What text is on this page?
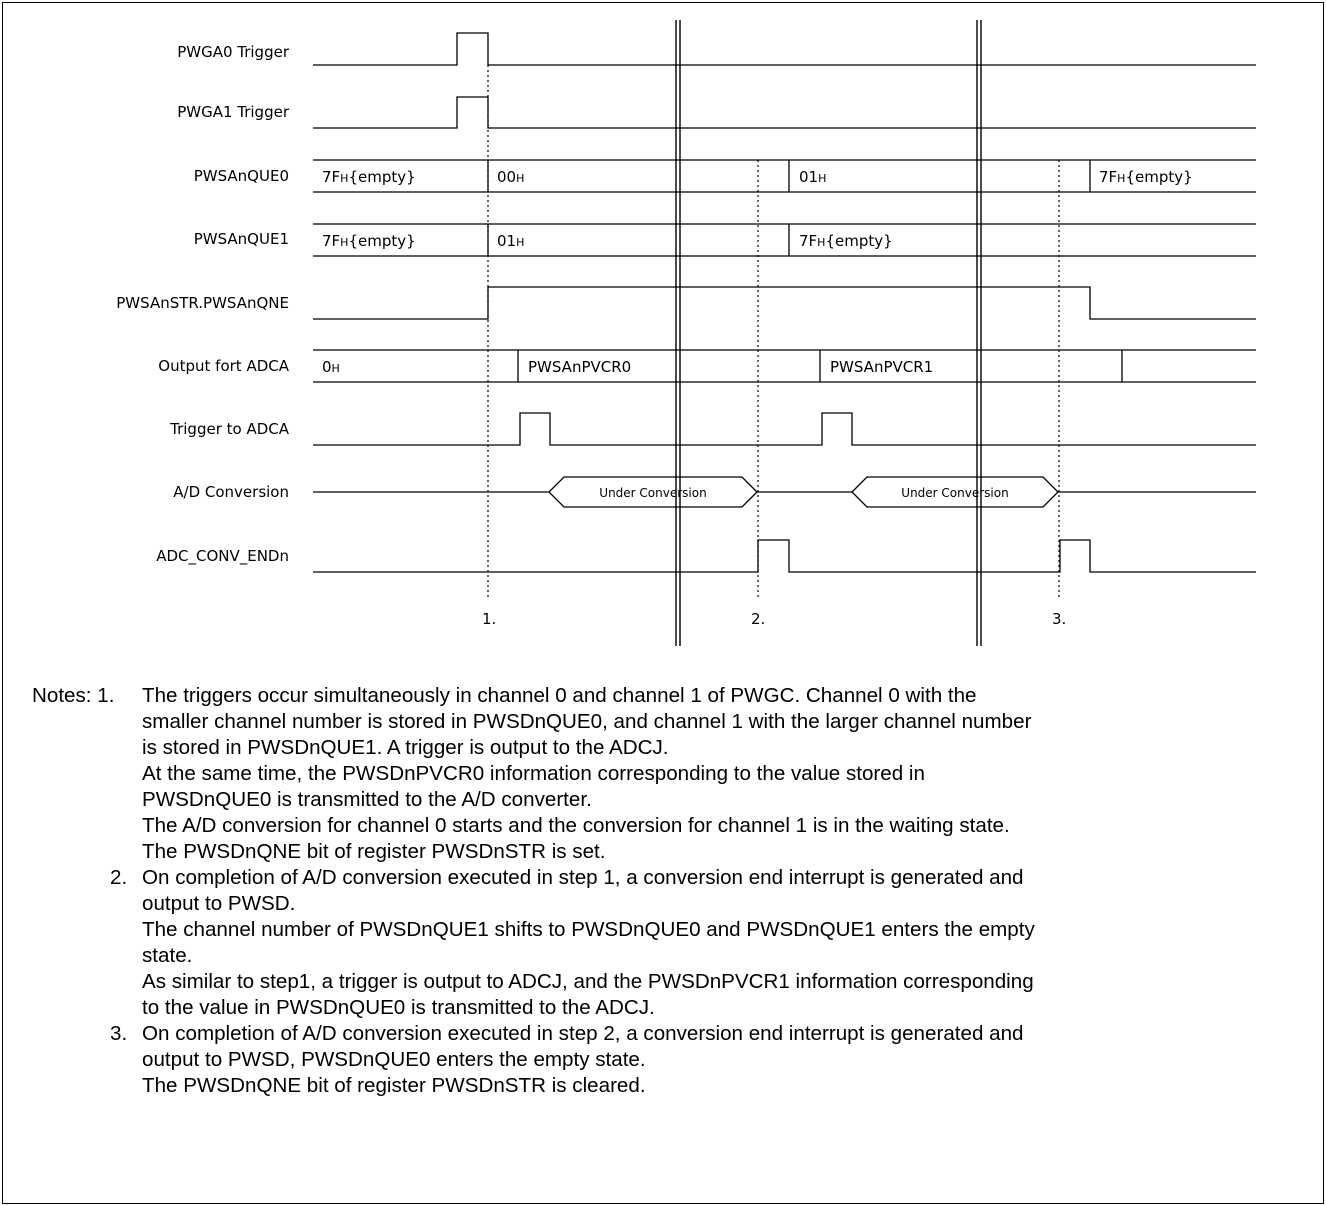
PWGA0 Trigger
PWGA1 Trigger
PWSAnQUE0
PWSAnQUE1
PWSAnSTR.PWSAnQNE
Output fort ADCA
Trigger to ADCA
A/D Conversion
ADC_CONV_ENDn
7FH{empty}	00H	01H	7FH{empty}
7FH{empty}	01H	7FH{empty}
0H	PWSAnPVCR0	PWSAnPVCR1
Under Conversion	Under Conversion
1.	2.	3.
Notes: 1.	The triggers occur simultaneously in channel 0 and channel 1 of PWGC. Channel 0 with the
smaller channel number is stored in PWSDnQUE0, and channel 1 with the larger channel number
is stored in PWSDnQUE1. A trigger is output to the ADCJ.
At the same time, the PWSDnPVCR0 information corresponding to the value stored in
PWSDnQUE0 is transmitted to the A/D converter.
The A/D conversion for channel 0 starts and the conversion for channel 1 is in the waiting state.
The PWSDnQNE bit of register PWSDnSTR is set.
2. On completion of A/D conversion executed in step 1, a conversion end interrupt is generated and
output to PWSD.
The channel number of PWSDnQUE1 shifts to PWSDnQUE0 and PWSDnQUE1 enters the empty
state.
As similar to step1, a trigger is output to ADCJ, and the PWSDnPVCR1 information corresponding
to the value in PWSDnQUE0 is transmitted to the ADCJ.
3. On completion of A/D conversion executed in step 2, a conversion end interrupt is generated and
output to PWSD, PWSDnQUE0 enters the empty state.
The PWSDnQNE bit of register PWSDnSTR is cleared.
